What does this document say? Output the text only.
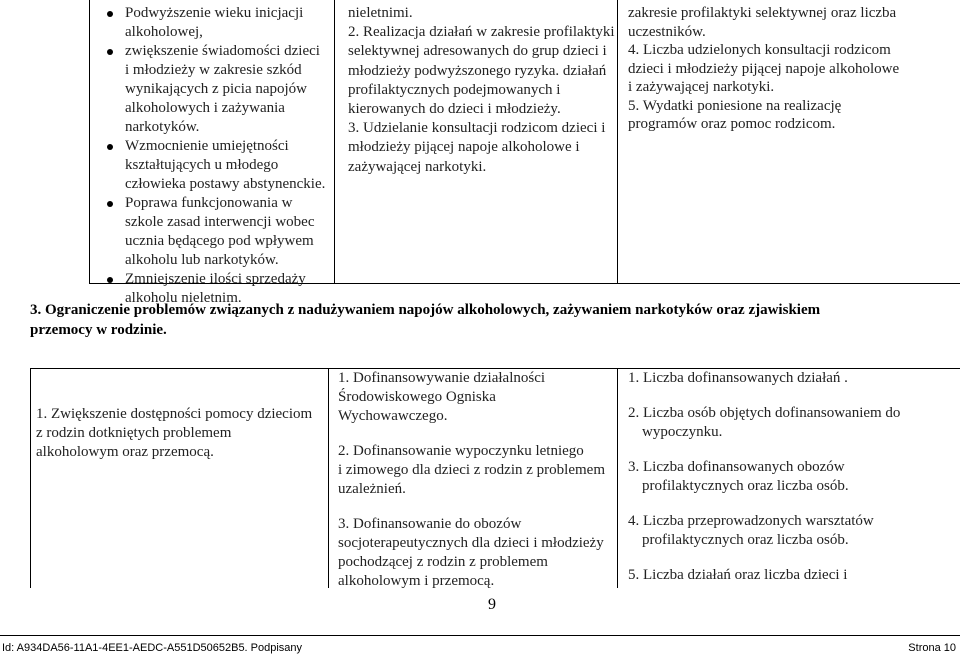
Podwyższenie wieku inicjacji
alkoholowej,
zwiększenie świadomości dzieci
i młodzieży w zakresie szkód
wynikających z picia napojów
alkoholowych i zażywania
narkotyków.
Wzmocnienie umiejętności
kształtujących u młodego
człowieka postawy abstynenckie.
Poprawa funkcjonowania w
szkole zasad interwencji wobec
ucznia będącego pod wpływem
alkoholu lub narkotyków.
Zmniejszenie ilości sprzedaży
alkoholu nieletnim.
nieletnimi.
2. Realizacja działań w zakresie profilaktyki
selektywnej adresowanych do grup dzieci i
młodzieży podwyższonego ryzyka. działań
profilaktycznych podejmowanych i
kierowanych do dzieci i młodzieży.
3. Udzielanie konsultacji rodzicom dzieci i
młodzieży pijącej napoje alkoholowe i
zażywającej narkotyki.
zakresie profilaktyki selektywnej oraz liczba
uczestników.
4. Liczba udzielonych konsultacji rodzicom
dzieci i młodzieży pijącej napoje alkoholowe
i zażywającej narkotyki.
5. Wydatki poniesione na realizację
programów oraz pomoc rodzicom.
3. Ograniczenie problemów związanych z nadużywaniem napojów alkoholowych, zażywaniem narkotyków oraz zjawiskiem
przemocy w rodzinie.
1. Zwiększenie dostępności pomocy dzieciom
z rodzin dotkniętych problemem
alkoholowym oraz przemocą.
1. Dofinansowywanie działalności
Środowiskowego Ogniska
Wychowawczego.
2. Dofinansowanie wypoczynku letniego
i zimowego dla dzieci z rodzin z problemem
uzależnień.
3. Dofinansowanie do obozów
socjoterapeutycznych dla dzieci i młodzieży
pochodzącej z rodzin z problemem
alkoholowym i przemocą.
1. Liczba dofinansowanych działań .
2. Liczba osób objętych dofinansowaniem do
wypoczynku.
3. Liczba dofinansowanych obozów
profilaktycznych oraz liczba osób.
4. Liczba przeprowadzonych warsztatów
profilaktycznych oraz liczba osób.
5. Liczba działań oraz liczba dzieci i
9
Id: A934DA56-11A1-4EE1-AEDC-A551D50652B5. Podpisany	Strona 10
